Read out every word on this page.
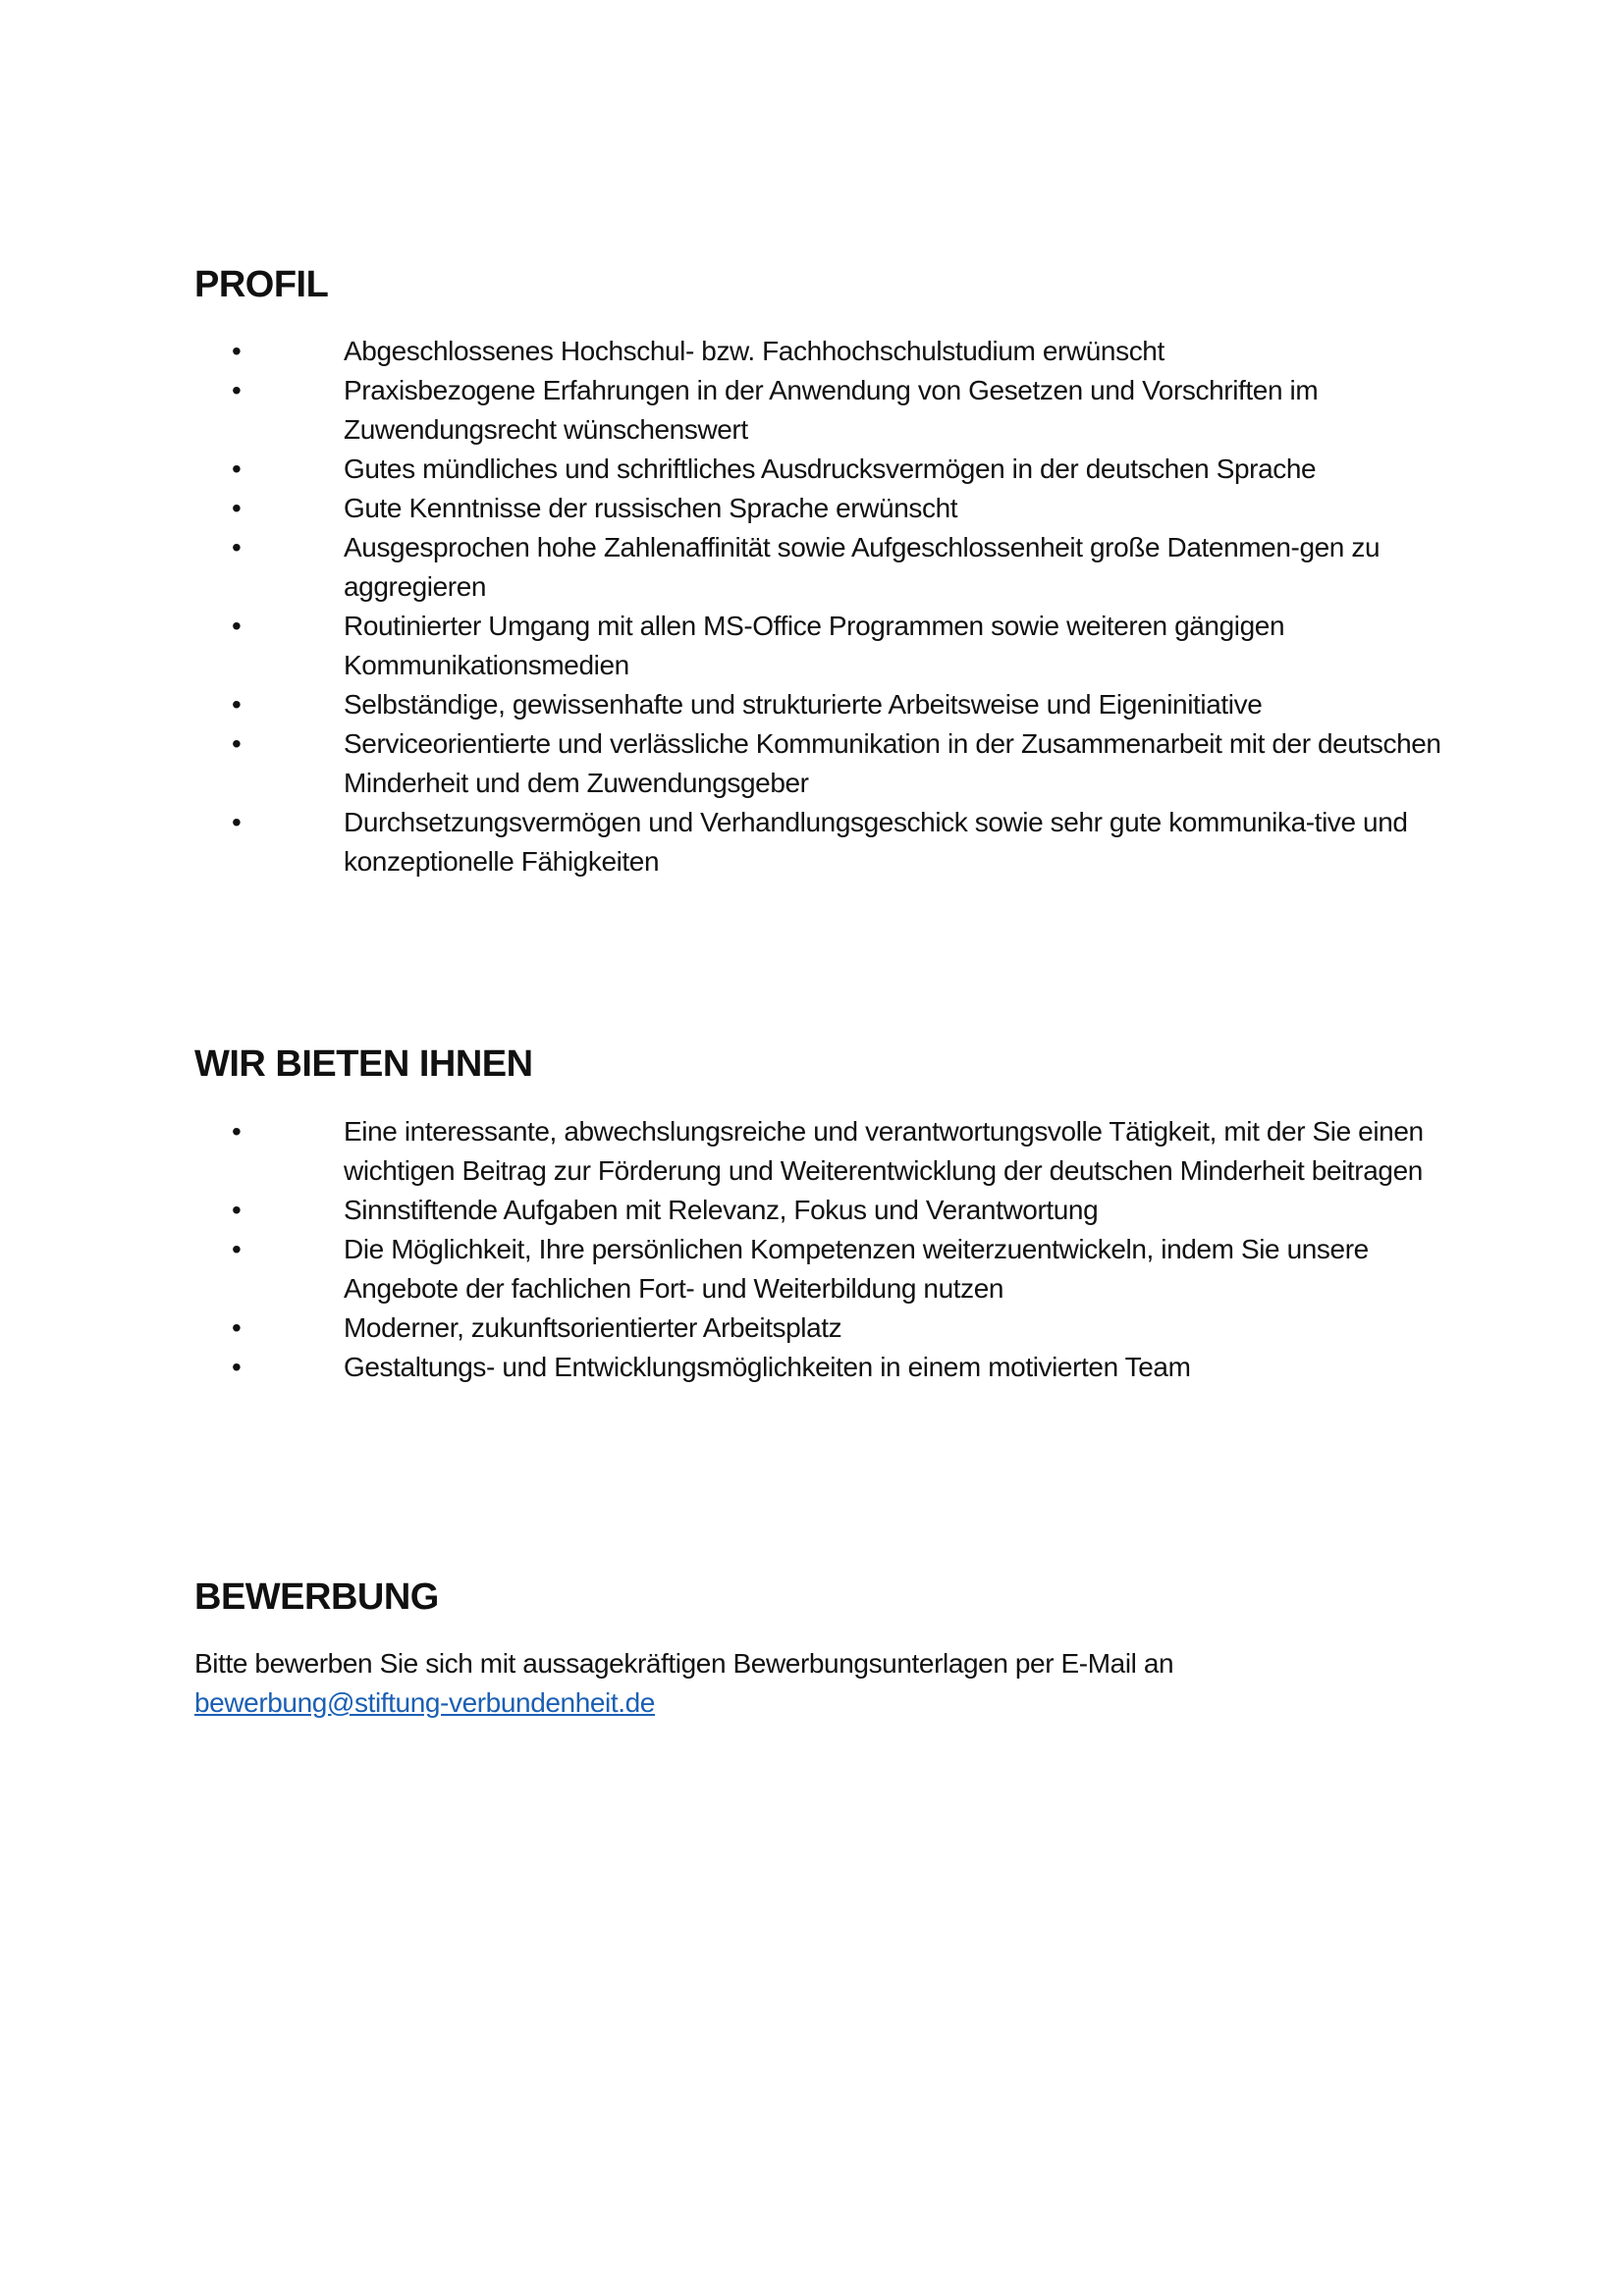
PROFIL
•	Abgeschlossenes Hochschul- bzw. Fachhochschulstudium erwünscht
•	Praxisbezogene Erfahrungen in der Anwendung von Gesetzen und Vorschriften im Zuwendungsrecht wünschenswert
•	Gutes mündliches und schriftliches Ausdrucksvermögen in der deutschen Sprache
•	Gute Kenntnisse der russischen Sprache erwünscht
•	Ausgesprochen hohe Zahlenaffinität sowie Aufgeschlossenheit große Datenmen-gen zu aggregieren
•	Routinierter Umgang mit allen MS-Office Programmen sowie weiteren gängigen Kommunikationsmedien
•	Selbständige, gewissenhafte und strukturierte Arbeitsweise und Eigeninitiative
•	Serviceorientierte und verlässliche Kommunikation in der Zusammenarbeit mit der deutschen Minderheit und dem Zuwendungsgeber
•	Durchsetzungsvermögen und Verhandlungsgeschick sowie sehr gute kommunika-tive und konzeptionelle Fähigkeiten
WIR BIETEN IHNEN
•	Eine interessante, abwechslungsreiche und verantwortungsvolle Tätigkeit, mit der Sie einen wichtigen Beitrag zur Förderung und Weiterentwicklung der deutschen Minderheit beitragen
•	Sinnstiftende Aufgaben mit Relevanz, Fokus und Verantwortung
•	Die Möglichkeit, Ihre persönlichen Kompetenzen weiterzuentwickeln, indem Sie unsere Angebote der fachlichen Fort- und Weiterbildung nutzen
•	Moderner, zukunftsorientierter Arbeitsplatz
•	Gestaltungs- und Entwicklungsmöglichkeiten in einem motivierten Team
BEWERBUNG

Bitte bewerben Sie sich mit aussagekräftigen Bewerbungsunterlagen per E-Mail an
bewerbung@stiftung-verbundenheit.de
